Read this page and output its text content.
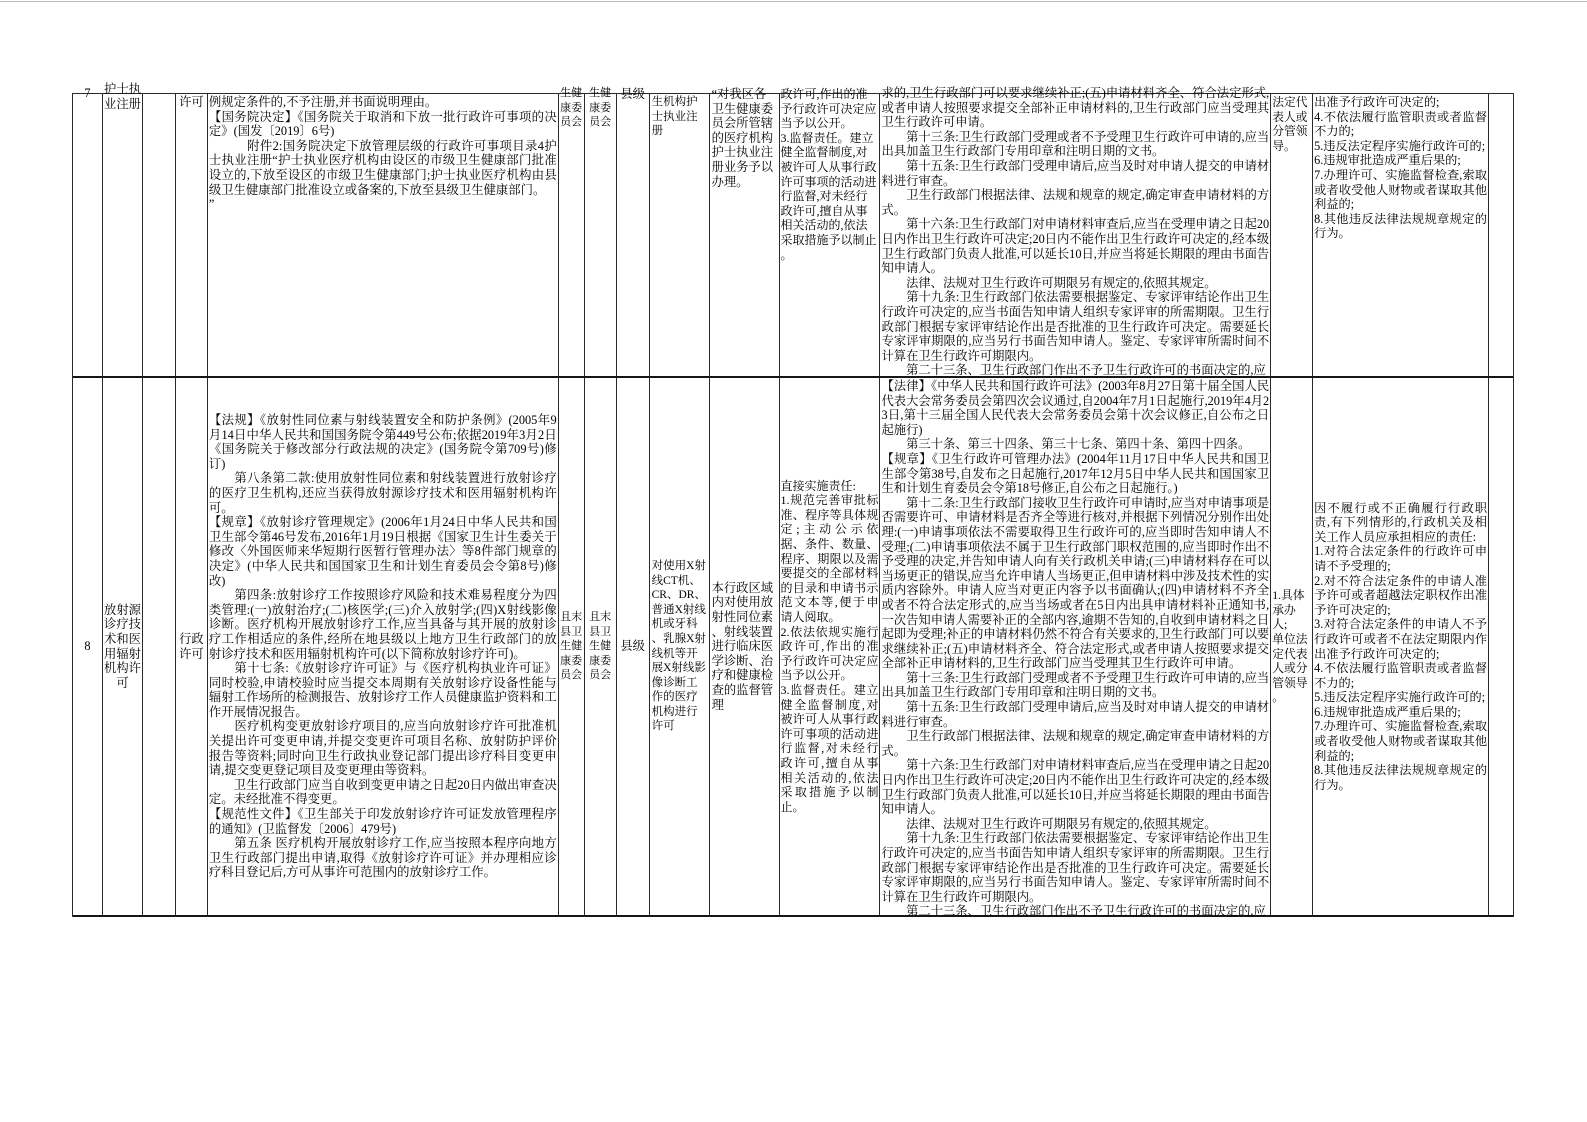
7	护士执
业注册	许可 例规定条件的,不予注册,并书面说明理由。
【国务院决定】《国务院关于取消和下放一批行政许可事项的决定》(国发〔2019〕6号)
　　　附件2:国务院决定下放管理层级的行政许可事项目录4护士执业注册“护士执业医疗机构由设区的市级卫生健康部门批准设立的,下放至设区的市级卫生健康部门;护士执业医疗机构由县级卫生健康部门批准设立或备案的,下放至县级卫生健康部门。
”
生健
康委
员会
生健
康委
员会
县级
生机构护
士执业注
册
“对我区各
卫生健康委
员会所管辖
的医疗机构
护士执业注
册业务予以
办理。
政许可,作出的准
予行政许可决定应
当予以公开。
3.监督责任。建立
健全监督制度,对
被许可人从事行政
许可事项的活动进
行监督,对未经行
政许可,擅自从事
相关活动的,依法
采取措施予以制止
。
求的,卫生行政部门可以要求继续补正;(五)申请材料齐全、符合法定形式,或者申请人按照要求提交全部补正申请材料的,卫生行政部门应当受理其卫生行政许可申请。
　　第十三条:卫生行政部门受理或者不予受理卫生行政许可申请的,应当出具加盖卫生行政部门专用印章和注明日期的文书。
　　第十五条:卫生行政部门受理申请后,应当及时对申请人提交的申请材料进行审查。
　　卫生行政部门根据法律、法规和规章的规定,确定审查申请材料的方式。
　　第十六条:卫生行政部门对申请材料审查后,应当在受理申请之日起20日内作出卫生行政许可决定;20日内不能作出卫生行政许可决定的,经本级卫生行政部门负责人批准,可以延长10日,并应当将延长期限的理由书面告知申请人。
　　法律、法规对卫生行政许可期限另有规定的,依照其规定。
　　第十九条:卫生行政部门依法需要根据鉴定、专家评审结论作出卫生行政许可决定的,应当书面告知申请人组织专家评审的所需期限。卫生行政部门根据专家评审结论作出是否批准的卫生行政许可决定。需要延长专家评审期限的,应当另行书面告知申请人。鉴定、专家评审所需时间不计算在卫生行政许可期限内。
　　第二十三条、卫生行政部门作出不予卫生行政许可的书面决定的,应
法定代
表人或
分管领
导。
出准予行政许可决定的;
4.不依法履行监管职责或者监督不力的;
5.违反法定程序实施行政许可的;
6.违规审批造成严重后果的;
7.办理许可、实施监督检查,索取或者收受他人财物或者谋取其他利益的;
8.其他违反法律法规规章规定的行为。
8
放射源
诊疗技
术和医
用辐射
机构许
可
行政
许可
【法规】《放射性同位素与射线装置安全和防护条例》(2005年9月14日中华人民共和国国务院令第449号公布;依据2019年3月2日《国务院关于修改部分行政法规的决定》(国务院令第709号)修订)
　　第八条第二款:使用放射性同位素和射线装置进行放射诊疗的医疗卫生机构,还应当获得放射源诊疗技术和医用辐射机构许可。
【规章】《放射诊疗管理规定》(2006年1月24日中华人民共和国卫生部令第46号发布,2016年1月19日根据《国家卫生计生委关于修改〈外国医师来华短期行医暂行管理办法〉等8件部门规章的决定》(中华人民共和国国家卫生和计划生育委员会令第8号)修改)
　　第四条:放射诊疗工作按照诊疗风险和技术难易程度分为四类管理:(一)放射治疗;(二)核医学;(三)介入放射学;(四)X射线影像诊断。医疗机构开展放射诊疗工作,应当具备与其开展的放射诊疗工作相适应的条件,经所在地县级以上地方卫生行政部门的放射诊疗技术和医用辐射机构许可(以下简称放射诊疗许可)。
　　第十七条:《放射诊疗许可证》与《医疗机构执业许可证》同时校验,申请校验时应当提交本周期有关放射诊疗设备性能与辐射工作场所的检测报告、放射诊疗工作人员健康监护资料和工作开展情况报告。
　　医疗机构变更放射诊疗项目的,应当向放射诊疗许可批准机关提出许可变更申请,并提交变更许可项目名称、放射防护评价报告等资料;同时向卫生行政执业登记部门提出诊疗科目变更申请,提交变更登记项目及变更理由等资料。
　　卫生行政部门应当自收到变更申请之日起20日内做出审查决定。未经批准不得变更。
【规范性文件】《卫生部关于印发放射诊疗许可证发放管理程序的通知》(卫监督发〔2006〕479号)
　　第五条 医疗机构开展放射诊疗工作,应当按照本程序向地方卫生行政部门提出申请,取得《放射诊疗许可证》并办理相应诊疗科目登记后,方可从事许可范围内的放射诊疗工作。
且末
县卫
生健
康委
员会
且末
县卫
生健
康委
员会
县级
对使用X射
线CT机、
CR、DR、
普通X射线
机或牙科
、乳腺X射
线机等开
展X射线影
像诊断工
作的医疗
机构进行
许可
本行政区域
内对使用放
射性同位素
、射线装置
进行临床医
学诊断、治
疗和健康检
查的监督管
理
直接实施责任:
1.规范完善审批标准、程序等具体规定;主动公示依据、条件、数量、程序、期限以及需要提交的全部材料的目录和申请书示范文本等,便于申请人阅取。
2.依法依规实施行政许可,作出的准予行政许可决定应当予以公开。
3.监督责任。建立健全监督制度,对被许可人从事行政许可事项的活动进行监督,对未经行政许可,擅自从事相关活动的,依法采取措施予以制止。
【法律】《中华人民共和国行政许可法》(2003年8月27日第十届全国人民代表大会常务委员会第四次会议通过,自2004年7月1日起施行,2019年4月23日,第十三届全国人民代表大会常务委员会第十次会议修正,自公布之日起施行)
　　第三十条、第三十四条、第三十七条、第四十条、第四十四条。
【规章】《卫生行政许可管理办法》(2004年11月17日中华人民共和国卫生部令第38号,自发布之日起施行,2017年12月5日中华人民共和国国家卫生和计划生育委员会令第18号修正,自公布之日起施行。)
　　第十二条:卫生行政部门接收卫生行政许可申请时,应当对申请事项是否需要许可、申请材料是否齐全等进行核对,并根据下列情况分别作出处理:(一)申请事项依法不需要取得卫生行政许可的,应当即时告知申请人不受理;(二)申请事项依法不属于卫生行政部门职权范围的,应当即时作出不予受理的决定,并告知申请人向有关行政机关申请;(三)申请材料存在可以当场更正的错误,应当允许申请人当场更正,但申请材料中涉及技术性的实质内容除外。申请人应当对更正内容予以书面确认;(四)申请材料不齐全或者不符合法定形式的,应当当场或者在5日内出具申请材料补正通知书,一次告知申请人需要补正的全部内容,逾期不告知的,自收到申请材料之日起即为受理;补正的申请材料仍然不符合有关要求的,卫生行政部门可以要求继续补正;(五)申请材料齐全、符合法定形式,或者申请人按照要求提交全部补正申请材料的,卫生行政部门应当受理其卫生行政许可申请。
　　第十三条:卫生行政部门受理或者不予受理卫生行政许可申请的,应当出具加盖卫生行政部门专用印章和注明日期的文书。
　　第十五条:卫生行政部门受理申请后,应当及时对申请人提交的申请材料进行审查。
　　卫生行政部门根据法律、法规和规章的规定,确定审查申请材料的方式。
　　第十六条:卫生行政部门对申请材料审查后,应当在受理申请之日起20日内作出卫生行政许可决定;20日内不能作出卫生行政许可决定的,经本级卫生行政部门负责人批准,可以延长10日,并应当将延长期限的理由书面告知申请人。
　　法律、法规对卫生行政许可期限另有规定的,依照其规定。
　　第十九条:卫生行政部门依法需要根据鉴定、专家评审结论作出卫生行政许可决定的,应当书面告知申请人组织专家评审的所需期限。卫生行政部门根据专家评审结论作出是否批准的卫生行政许可决定。需要延长专家评审期限的,应当另行书面告知申请人。鉴定、专家评审所需时间不计算在卫生行政许可期限内。
　　第二十三条、卫生行政部门作出不予卫生行政许可的书面决定的,应
1.具体
承办
人;
单位法
定代表
人或分
管领导
。
因不履行或不正确履行行政职责,有下列情形的,行政机关及相关工作人员应承担相应的责任:
1.对符合法定条件的行政许可申请不予受理的;
2.对不符合法定条件的申请人准予许可或者超越法定职权作出准予许可决定的;
3.对符合法定条件的申请人不予行政许可或者不在法定期限内作出准予行政许可决定的;
4.不依法履行监管职责或者监督不力的;
5.违反法定程序实施行政许可的;
6.违规审批造成严重后果的;
7.办理许可、实施监督检查,索取或者收受他人财物或者谋取其他利益的;
8.其他违反法律法规规章规定的行为。
